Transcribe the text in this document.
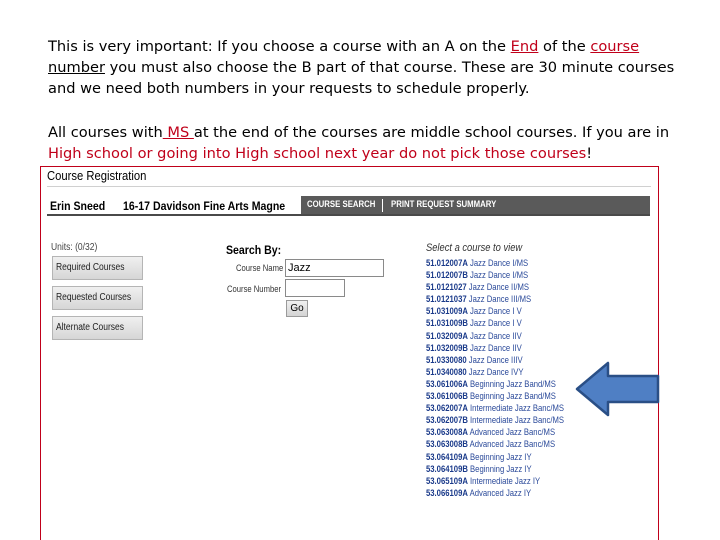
This is very important: If you choose a course with an A on the End of the course number you must also choose the B part of that course. These are 30 minute courses and we need both numbers in your requests to schedule properly.

All courses with MS at the end of the courses are middle school courses. If you are in High school or going into High school next year do not pick those courses!

Course Registration
Erin Sneed 16-17 Davidson Fine Arts Magne COURSE SEARCH PRINT REQUEST SUMMARY
Units: (0/32)
Required Courses
Requested Courses
Alternate Courses
Search By:
Course Name
Jazz
Course Number
Go
Select a course to view
51.012007A Jazz Dance I/MS
51.012007B Jazz Dance I/MS
51.0121027 Jazz Dance II/MS
51.0121037 Jazz Dance III/MS
51.031009A Jazz Dance I V
51.031009B Jazz Dance I V
51.032009A Jazz Dance IIV
51.032009B Jazz Dance IIV
51.0330080 Jazz Dance IIIV
51.0340080 Jazz Dance IVY
53.061006A Beginning Jazz Band/MS
53.061006B Beginning Jazz Band/MS
53.062007A Intermediate Jazz Banc/MS
53.062007B Intermediate Jazz Banc/MS
53.063008A Advanced Jazz Banc/MS
53.063008B Advanced Jazz Banc/MS
53.064109A Beginning Jazz IY
53.064109B Beginning Jazz IY
53.065109A Intermediate Jazz IY
53.066109A Advanced Jazz IY
